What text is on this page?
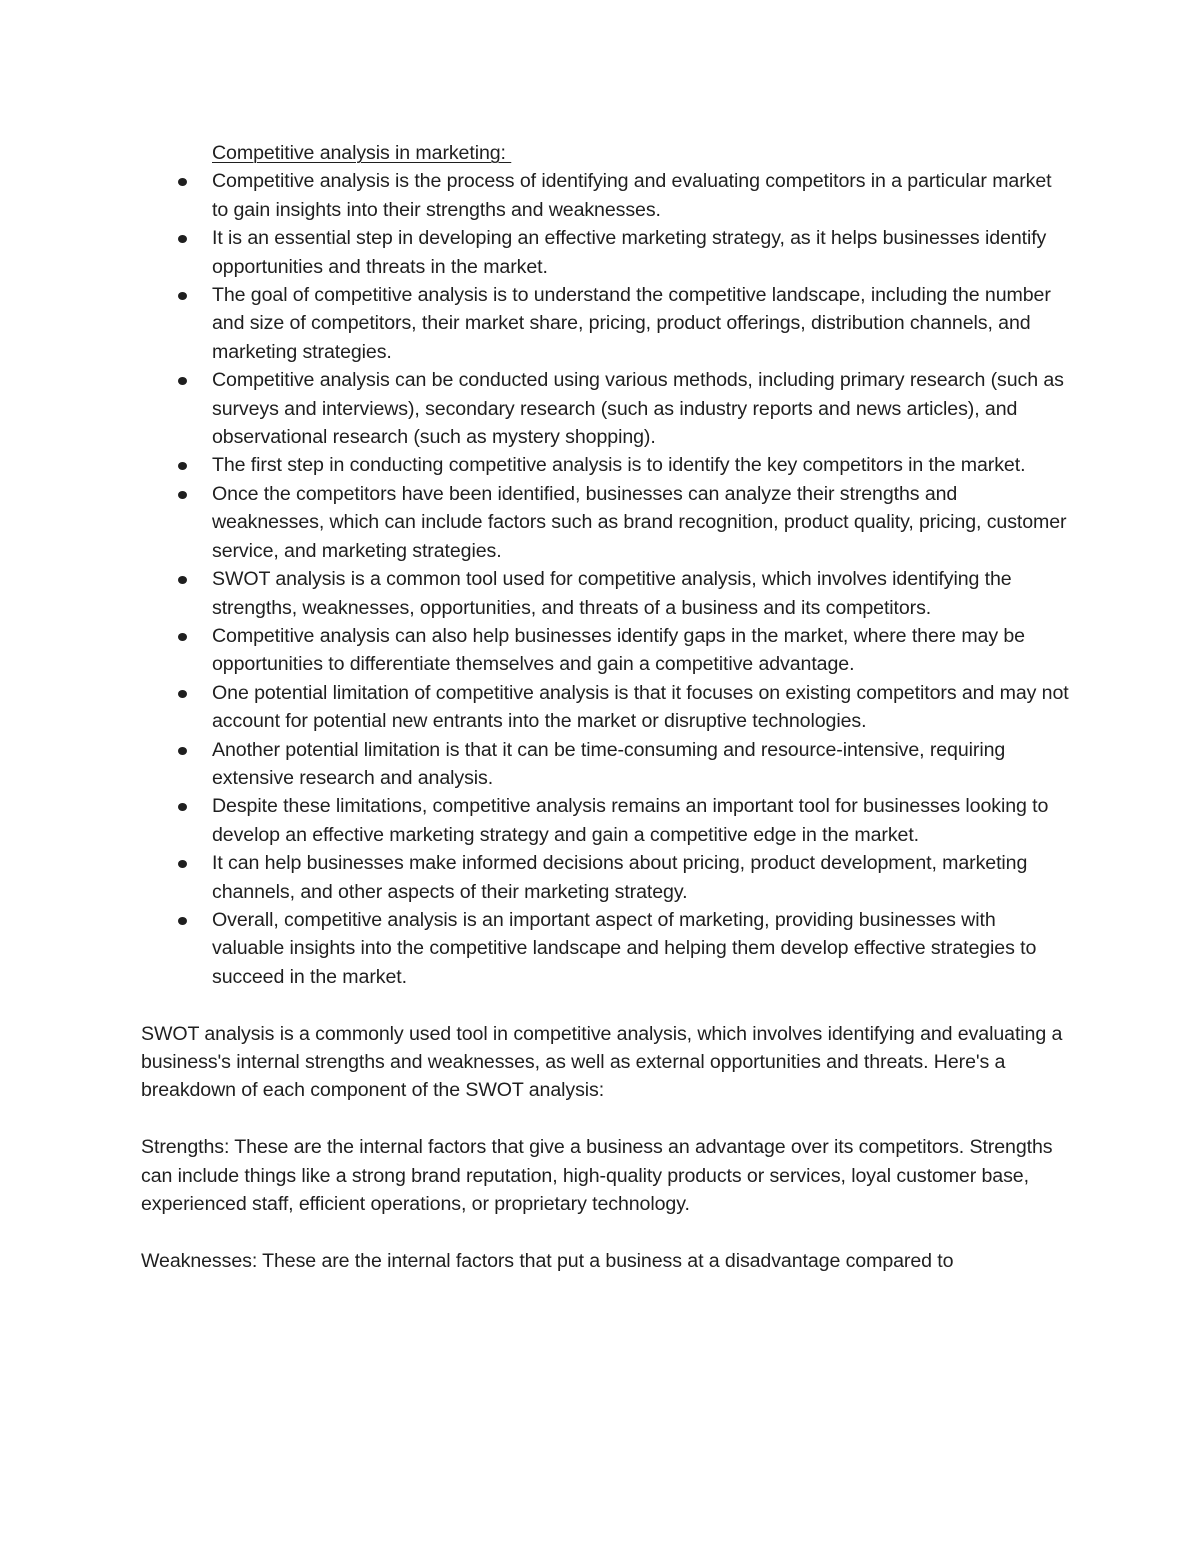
Competitive analysis in marketing:
Competitive analysis is the process of identifying and evaluating competitors in a particular market to gain insights into their strengths and weaknesses.
It is an essential step in developing an effective marketing strategy, as it helps businesses identify opportunities and threats in the market.
The goal of competitive analysis is to understand the competitive landscape, including the number and size of competitors, their market share, pricing, product offerings, distribution channels, and marketing strategies.
Competitive analysis can be conducted using various methods, including primary research (such as surveys and interviews), secondary research (such as industry reports and news articles), and observational research (such as mystery shopping).
The first step in conducting competitive analysis is to identify the key competitors in the market.
Once the competitors have been identified, businesses can analyze their strengths and weaknesses, which can include factors such as brand recognition, product quality, pricing, customer service, and marketing strategies.
SWOT analysis is a common tool used for competitive analysis, which involves identifying the strengths, weaknesses, opportunities, and threats of a business and its competitors.
Competitive analysis can also help businesses identify gaps in the market, where there may be opportunities to differentiate themselves and gain a competitive advantage.
One potential limitation of competitive analysis is that it focuses on existing competitors and may not account for potential new entrants into the market or disruptive technologies.
Another potential limitation is that it can be time-consuming and resource-intensive, requiring extensive research and analysis.
Despite these limitations, competitive analysis remains an important tool for businesses looking to develop an effective marketing strategy and gain a competitive edge in the market.
It can help businesses make informed decisions about pricing, product development, marketing channels, and other aspects of their marketing strategy.
Overall, competitive analysis is an important aspect of marketing, providing businesses with valuable insights into the competitive landscape and helping them develop effective strategies to succeed in the market.

SWOT analysis is a commonly used tool in competitive analysis, which involves identifying and evaluating a business's internal strengths and weaknesses, as well as external opportunities and threats. Here's a breakdown of each component of the SWOT analysis:

Strengths: These are the internal factors that give a business an advantage over its competitors. Strengths can include things like a strong brand reputation, high-quality products or services, loyal customer base, experienced staff, efficient operations, or proprietary technology.

Weaknesses: These are the internal factors that put a business at a disadvantage compared to
